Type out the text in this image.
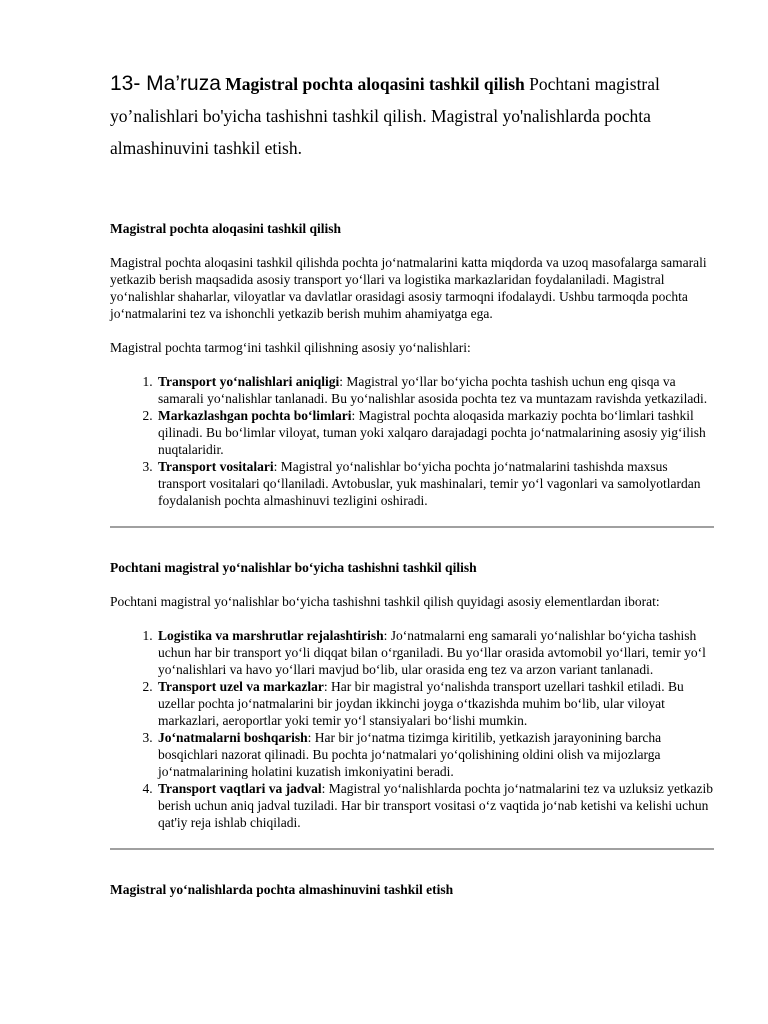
13- Ma’ruza Magistral pochta aloqasini tashkil qilish Pochtani magistral yo’nalishlari bo'yicha tashishni tashkil qilish. Magistral yo'nalishlarda pochta almashinuvini tashkil etish.

Magistral pochta aloqasini tashkil qilish

Magistral pochta aloqasini tashkil qilishda pochta jo‘natmalarini katta miqdorda va uzoq masofalarga samarali yetkazib berish maqsadida asosiy transport yo‘llari va logistika markazlaridan foydalaniladi. Magistral yo‘nalishlar shaharlar, viloyatlar va davlatlar orasidagi asosiy tarmoqni ifodalaydi. Ushbu tarmoqda pochta jo‘natmalarini tez va ishonchli yetkazib berish muhim ahamiyatga ega.

Magistral pochta tarmog‘ini tashkil qilishning asosiy yo‘nalishlari:

1. Transport yo‘nalishlari aniqligi: Magistral yo‘llar bo‘yicha pochta tashish uchun eng qisqa va samarali yo‘nalishlar tanlanadi. Bu yo‘nalishlar asosida pochta tez va muntazam ravishda yetkaziladi.
2. Markazlashgan pochta bo‘limlari: Magistral pochta aloqasida markaziy pochta bo‘limlari tashkil qilinadi. Bu bo‘limlar viloyat, tuman yoki xalqaro darajadagi pochta jo‘natmalarining asosiy yig‘ilish nuqtalaridir.
3. Transport vositalari: Magistral yo‘nalishlar bo‘yicha pochta jo‘natmalarini tashishda maxsus transport vositalari qo‘llaniladi. Avtobuslar, yuk mashinalari, temir yo‘l vagonlari va samolyotlardan foydalanish pochta almashinuvi tezligini oshiradi.

Pochtani magistral yo‘nalishlar bo‘yicha tashishni tashkil qilish

Pochtani magistral yo‘nalishlar bo‘yicha tashishni tashkil qilish quyidagi asosiy elementlardan iborat:

1. Logistika va marshrutlar rejalashtirish: Jo‘natmalarni eng samarali yo‘nalishlar bo‘yicha tashish uchun har bir transport yo‘li diqqat bilan o‘rganiladi. Bu yo‘llar orasida avtomobil yo‘llari, temir yo‘l yo‘nalishlari va havo yo‘llari mavjud bo‘lib, ular orasida eng tez va arzon variant tanlanadi.
2. Transport uzel va markazlar: Har bir magistral yo‘nalishda transport uzellari tashkil etiladi. Bu uzellar pochta jo‘natmalarini bir joydan ikkinchi joyga o‘tkazishda muhim bo‘lib, ular viloyat markazlari, aeroportlar yoki temir yo‘l stansiyalari bo‘lishi mumkin.
3. Jo‘natmalarni boshqarish: Har bir jo‘natma tizimga kiritilib, yetkazish jarayonining barcha bosqichlari nazorat qilinadi. Bu pochta jo‘natmalari yo‘qolishining oldini olish va mijozlarga jo‘natmalarining holatini kuzatish imkoniyatini beradi.
4. Transport vaqtlari va jadval: Magistral yo‘nalishlarda pochta jo‘natmalarini tez va uzluksiz yetkazib berish uchun aniq jadval tuziladi. Har bir transport vositasi o‘z vaqtida jo‘nab ketishi va kelishi uchun qat'iy reja ishlab chiqiladi.

Magistral yo‘nalishlarda pochta almashinuvini tashkil etish
